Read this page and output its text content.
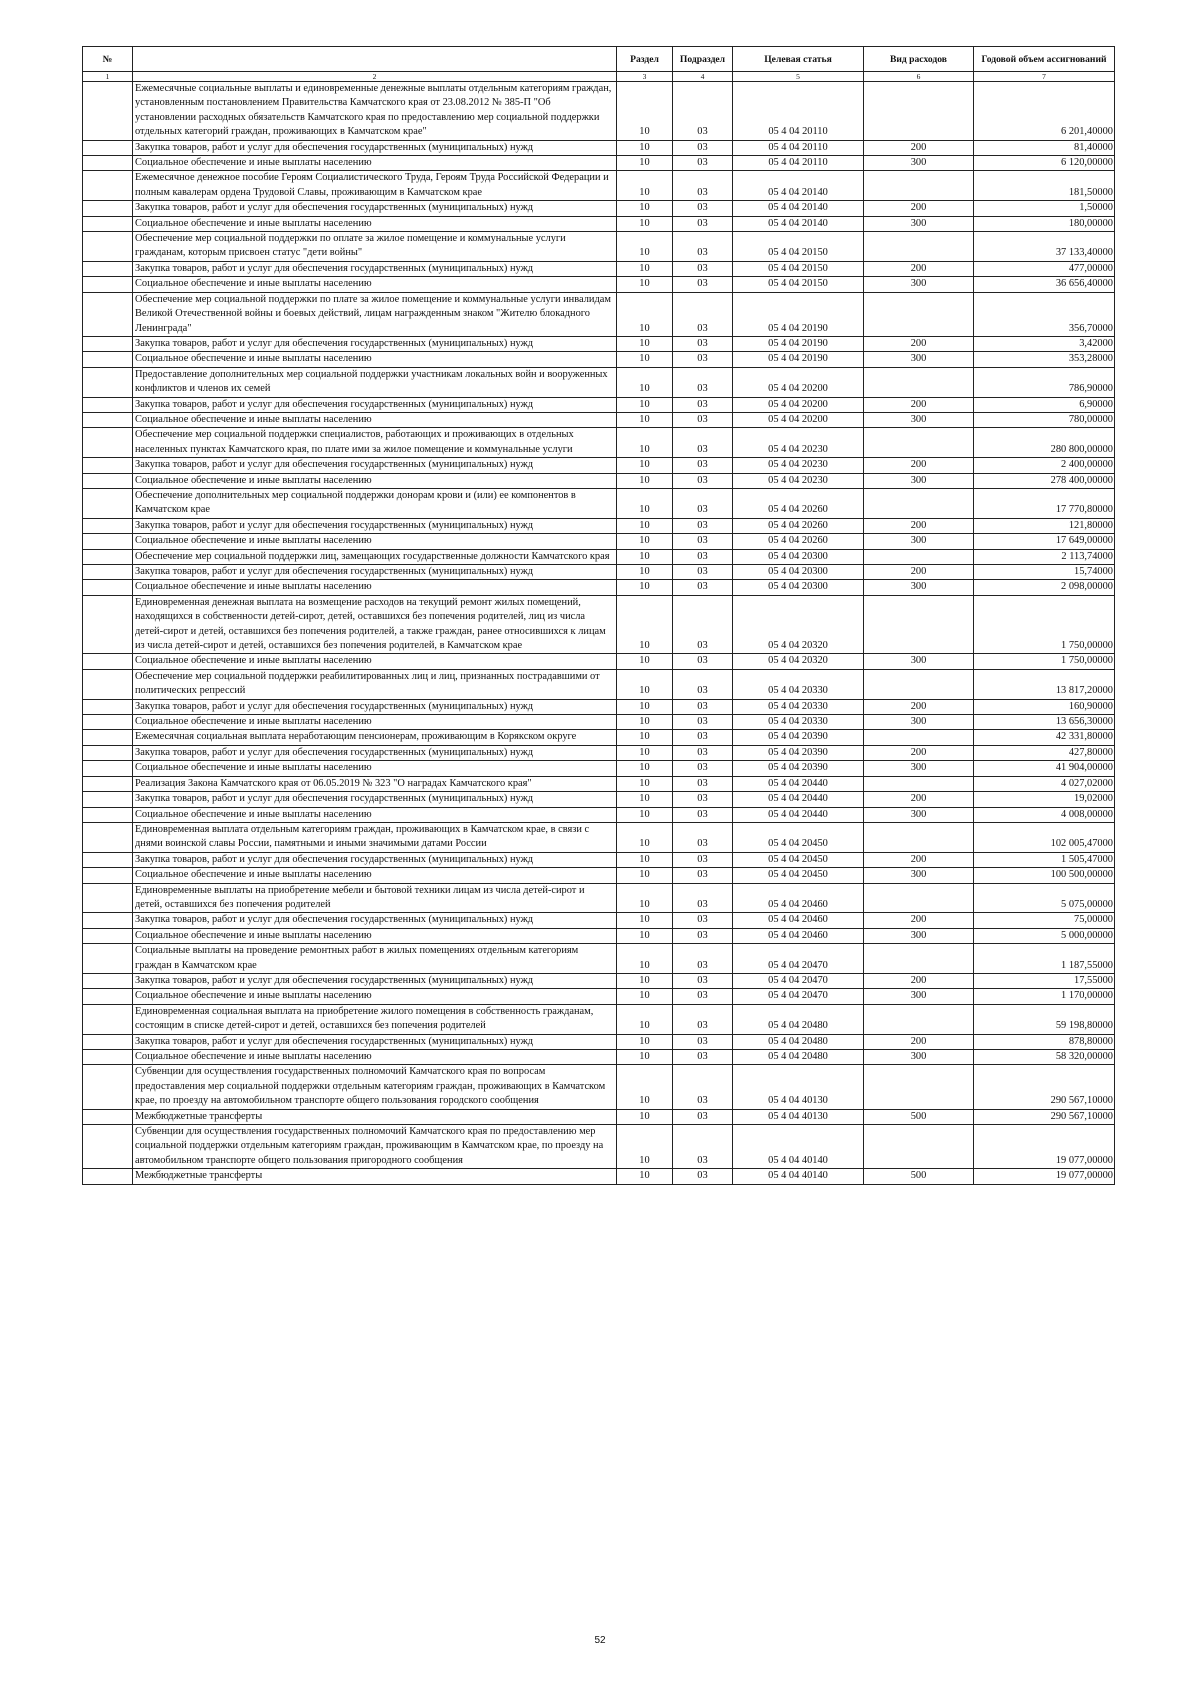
№		Раздел	Подраздел	Целевая статья	Вид расходов	Годовой объем ассигнований
1	2	3	4	5	6	7
	Ежемесячные социальные выплаты и единовременные денежные выплаты отдельным категориям граждан, установленным постановлением Правительства Камчатского края от 23.08.2012 № 385-П "Об установлении расходных обязательств Камчатского края по предоставлению мер социальной поддержки отдельных категорий граждан, проживающих в Камчатском крае"	10	03	05 4 04 20110		6 201,40000
	Закупка товаров, работ и услуг для обеспечения государственных (муниципальных) нужд	10	03	05 4 04 20110	200	81,40000
	Социальное обеспечение и иные выплаты населению	10	03	05 4 04 20110	300	6 120,00000
	Ежемесячное денежное пособие Героям Социалистического Труда, Героям Труда Российской Федерации и полным кавалерам ордена Трудовой Славы, проживающим в Камчатском крае	10	03	05 4 04 20140		181,50000
	Закупка товаров, работ и услуг для обеспечения государственных (муниципальных) нужд	10	03	05 4 04 20140	200	1,50000
	Социальное обеспечение и иные выплаты населению	10	03	05 4 04 20140	300	180,00000
	Обеспечение мер социальной поддержки по оплате за жилое помещение и коммунальные услуги гражданам, которым присвоен статус "дети войны"	10	03	05 4 04 20150		37 133,40000
	Закупка товаров, работ и услуг для обеспечения государственных (муниципальных) нужд	10	03	05 4 04 20150	200	477,00000
	Социальное обеспечение и иные выплаты населению	10	03	05 4 04 20150	300	36 656,40000
	Обеспечение мер социальной поддержки по плате за жилое помещение и коммунальные услуги инвалидам Великой Отечественной войны и боевых действий, лицам награжденным знаком "Жителю блокадного Ленинграда"	10	03	05 4 04 20190		356,70000
	Закупка товаров, работ и услуг для обеспечения государственных (муниципальных) нужд	10	03	05 4 04 20190	200	3,42000
	Социальное обеспечение и иные выплаты населению	10	03	05 4 04 20190	300	353,28000
	Предоставление дополнительных мер социальной поддержки участникам локальных войн и вооруженных конфликтов и членов их семей	10	03	05 4 04 20200		786,90000
	Закупка товаров, работ и услуг для обеспечения государственных (муниципальных) нужд	10	03	05 4 04 20200	200	6,90000
	Социальное обеспечение и иные выплаты населению	10	03	05 4 04 20200	300	780,00000
	Обеспечение мер социальной поддержки специалистов, работающих и проживающих в отдельных населенных пунктах Камчатского края, по плате ими за жилое помещение и коммунальные услуги	10	03	05 4 04 20230		280 800,00000
	Закупка товаров, работ и услуг для обеспечения государственных (муниципальных) нужд	10	03	05 4 04 20230	200	2 400,00000
	Социальное обеспечение и иные выплаты населению	10	03	05 4 04 20230	300	278 400,00000
	Обеспечение дополнительных мер социальной поддержки донорам крови и (или) ее компонентов в Камчатском крае	10	03	05 4 04 20260		17 770,80000
	Закупка товаров, работ и услуг для обеспечения государственных (муниципальных) нужд	10	03	05 4 04 20260	200	121,80000
	Социальное обеспечение и иные выплаты населению	10	03	05 4 04 20260	300	17 649,00000
	Обеспечение мер социальной поддержки лиц, замещающих государственные должности Камчатского края	10	03	05 4 04 20300		2 113,74000
	Закупка товаров, работ и услуг для обеспечения государственных (муниципальных) нужд	10	03	05 4 04 20300	200	15,74000
	Социальное обеспечение и иные выплаты населению	10	03	05 4 04 20300	300	2 098,00000
	Единовременная денежная выплата на возмещение расходов на текущий ремонт жилых помещений, находящихся в собственности детей-сирот, детей, оставшихся без попечения родителей, лиц из числа детей-сирот и детей, оставшихся без попечения родителей, а также граждан, ранее относившихся к лицам из числа детей-сирот и детей, оставшихся без попечения родителей, в Камчатском крае	10	03	05 4 04 20320		1 750,00000
	Социальное обеспечение и иные выплаты населению	10	03	05 4 04 20320	300	1 750,00000
	Обеспечение мер социальной поддержки реабилитированных лиц и лиц, признанных пострадавшими от политических репрессий	10	03	05 4 04 20330		13 817,20000
	Закупка товаров, работ и услуг для обеспечения государственных (муниципальных) нужд	10	03	05 4 04 20330	200	160,90000
	Социальное обеспечение и иные выплаты населению	10	03	05 4 04 20330	300	13 656,30000
	Ежемесячная социальная выплата неработающим пенсионерам, проживающим в Корякском округе	10	03	05 4 04 20390		42 331,80000
	Закупка товаров, работ и услуг для обеспечения государственных (муниципальных) нужд	10	03	05 4 04 20390	200	427,80000
	Социальное обеспечение и иные выплаты населению	10	03	05 4 04 20390	300	41 904,00000
	Реализация Закона Камчатского края от 06.05.2019 № 323 "О наградах Камчатского края"	10	03	05 4 04 20440		4 027,02000
	Закупка товаров, работ и услуг для обеспечения государственных (муниципальных) нужд	10	03	05 4 04 20440	200	19,02000
	Социальное обеспечение и иные выплаты населению	10	03	05 4 04 20440	300	4 008,00000
	Единовременная выплата отдельным категориям граждан, проживающих в Камчатском крае, в связи с днями воинской славы России, памятными и иными значимыми датами России	10	03	05 4 04 20450		102 005,47000
	Закупка товаров, работ и услуг для обеспечения государственных (муниципальных) нужд	10	03	05 4 04 20450	200	1 505,47000
	Социальное обеспечение и иные выплаты населению	10	03	05 4 04 20450	300	100 500,00000
	Единовременные выплаты на приобретение мебели и бытовой техники лицам из числа детей-сирот и детей, оставшихся без попечения родителей	10	03	05 4 04 20460		5 075,00000
	Закупка товаров, работ и услуг для обеспечения государственных (муниципальных) нужд	10	03	05 4 04 20460	200	75,00000
	Социальное обеспечение и иные выплаты населению	10	03	05 4 04 20460	300	5 000,00000
	Социальные выплаты на проведение ремонтных работ в жилых помещениях отдельным категориям граждан в Камчатском крае	10	03	05 4 04 20470		1 187,55000
	Закупка товаров, работ и услуг для обеспечения государственных (муниципальных) нужд	10	03	05 4 04 20470	200	17,55000
	Социальное обеспечение и иные выплаты населению	10	03	05 4 04 20470	300	1 170,00000
	Единовременная социальная выплата на приобретение жилого помещения в собственность гражданам, состоящим в списке детей-сирот и детей, оставшихся без попечения родителей	10	03	05 4 04 20480		59 198,80000
	Закупка товаров, работ и услуг для обеспечения государственных (муниципальных) нужд	10	03	05 4 04 20480	200	878,80000
	Социальное обеспечение и иные выплаты населению	10	03	05 4 04 20480	300	58 320,00000
	Субвенции для осуществления государственных полномочий Камчатского края по вопросам предоставления мер социальной поддержки отдельным категориям граждан, проживающих в Камчатском крае, по проезду на автомобильном транспорте общего пользования городского сообщения	10	03	05 4 04 40130		290 567,10000
	Межбюджетные трансферты	10	03	05 4 04 40130	500	290 567,10000
	Субвенции для осуществления государственных полномочий Камчатского края по предоставлению мер социальной поддержки отдельным категориям граждан, проживающим в Камчатском крае, по проезду на автомобильном транспорте общего пользования пригородного сообщения	10	03	05 4 04 40140		19 077,00000
	Межбюджетные трансферты	10	03	05 4 04 40140	500	19 077,00000
52
